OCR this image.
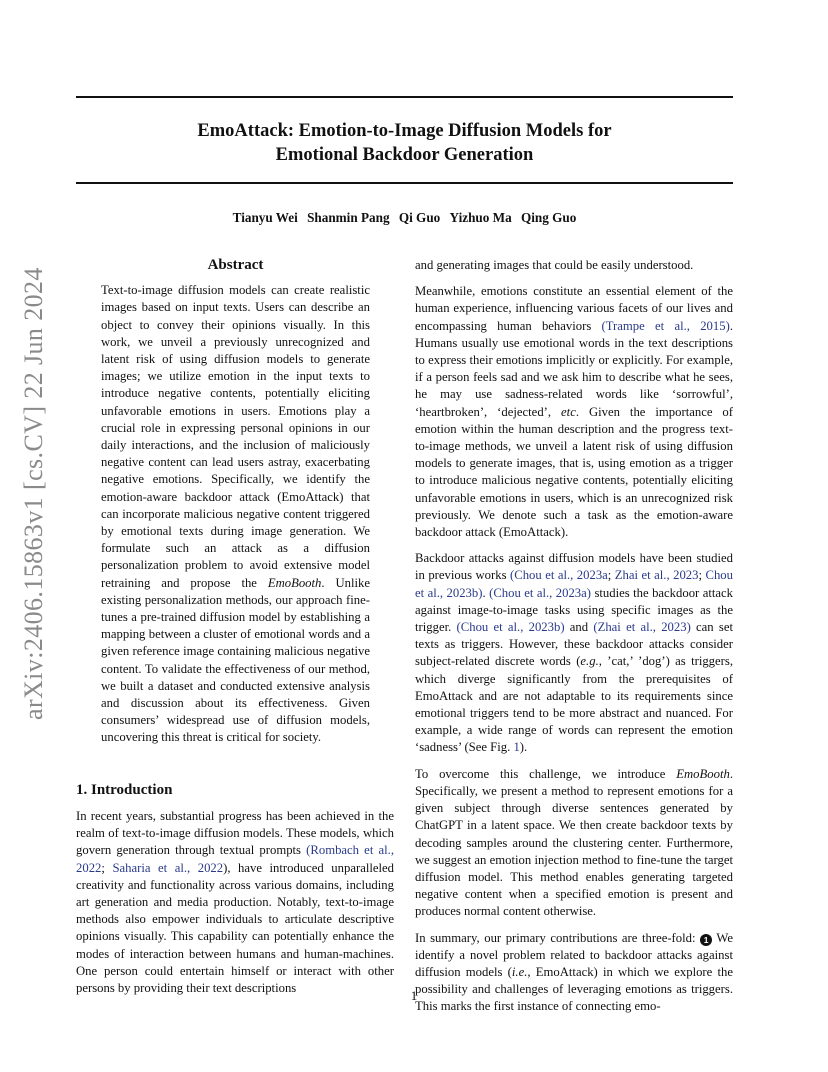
EmoAttack: Emotion-to-Image Diffusion Models for
Emotional Backdoor Generation

Tianyu Wei Shanmin Pang Qi Guo Yizhuo Ma Qing Guo

arXiv:2406.15863v1 [cs.CV] 22 Jun 2024
Abstract

Text-to-image diffusion models can create realistic images based on input texts. Users can describe an object to convey their opinions visually. In this work, we unveil a previously unrecognized and latent risk of using diffusion models to generate images; we utilize emotion in the input texts to introduce negative contents, potentially eliciting unfavorable emotions in users. Emotions play a crucial role in expressing personal opinions in our daily interactions, and the inclusion of maliciously negative content can lead users astray, exacerbating negative emotions. Specifically, we identify the emotion-aware backdoor attack (EmoAttack) that can incorporate malicious negative content triggered by emotional texts during image generation. We formulate such an attack as a diffusion personalization problem to avoid extensive model retraining and propose the EmoBooth. Unlike existing personalization methods, our approach fine-tunes a pre-trained diffusion model by establishing a mapping between a cluster of emotional words and a given reference image containing malicious negative content. To validate the effectiveness of our method, we built a dataset and conducted extensive analysis and discussion about its effectiveness. Given consumers’ widespread use of diffusion models, uncovering this threat is critical for society.

1. Introduction

In recent years, substantial progress has been achieved in the realm of text-to-image diffusion models. These models, which govern generation through textual prompts (Rombach et al., 2022; Saharia et al., 2022), have introduced unparalleled creativity and functionality across various domains, including art generation and media production. Notably, text-to-image methods also empower individuals to articulate descriptive opinions visually. This capability can potentially enhance the modes of interaction between humans and human-machines. One person could entertain himself or interact with other persons by providing their text descriptions

and generating images that could be easily understood.

Meanwhile, emotions constitute an essential element of the human experience, influencing various facets of our lives and encompassing human behaviors (Trampe et al., 2015). Humans usually use emotional words in the text descriptions to express their emotions implicitly or explicitly. For example, if a person feels sad and we ask him to describe what he sees, he may use sadness-related words like ‘sorrowful’, ‘heartbroken’, ‘dejected’, etc. Given the importance of emotion within the human description and the progress text-to-image methods, we unveil a latent risk of using diffusion models to generate images, that is, using emotion as a trigger to introduce malicious negative contents, potentially eliciting unfavorable emotions in users, which is an unrecognized risk previously. We denote such a task as the emotion-aware backdoor attack (EmoAttack).

Backdoor attacks against diffusion models have been studied in previous works (Chou et al., 2023a; Zhai et al., 2023; Chou et al., 2023b). (Chou et al., 2023a) studies the backdoor attack against image-to-image tasks using specific images as the trigger. (Chou et al., 2023b) and (Zhai et al., 2023) can set texts as triggers. However, these backdoor attacks consider subject-related discrete words (e.g., ’cat,’ ’dog’) as triggers, which diverge significantly from the prerequisites of EmoAttack and are not adaptable to its requirements since emotional triggers tend to be more abstract and nuanced. For example, a wide range of words can represent the emotion ‘sadness’ (See Fig. 1).

To overcome this challenge, we introduce EmoBooth. Specifically, we present a method to represent emotions for a given subject through diverse sentences generated by ChatGPT in a latent space. We then create backdoor texts by decoding samples around the clustering center. Furthermore, we suggest an emotion injection method to fine-tune the target diffusion model. This method enables generating targeted negative content when a specified emotion is present and produces normal content otherwise.

In summary, our primary contributions are three-fold: 1 We identify a novel problem related to backdoor attacks against diffusion models (i.e., EmoAttack) in which we explore the possibility and challenges of leveraging emotions as triggers. This marks the first instance of connecting emo-

1
